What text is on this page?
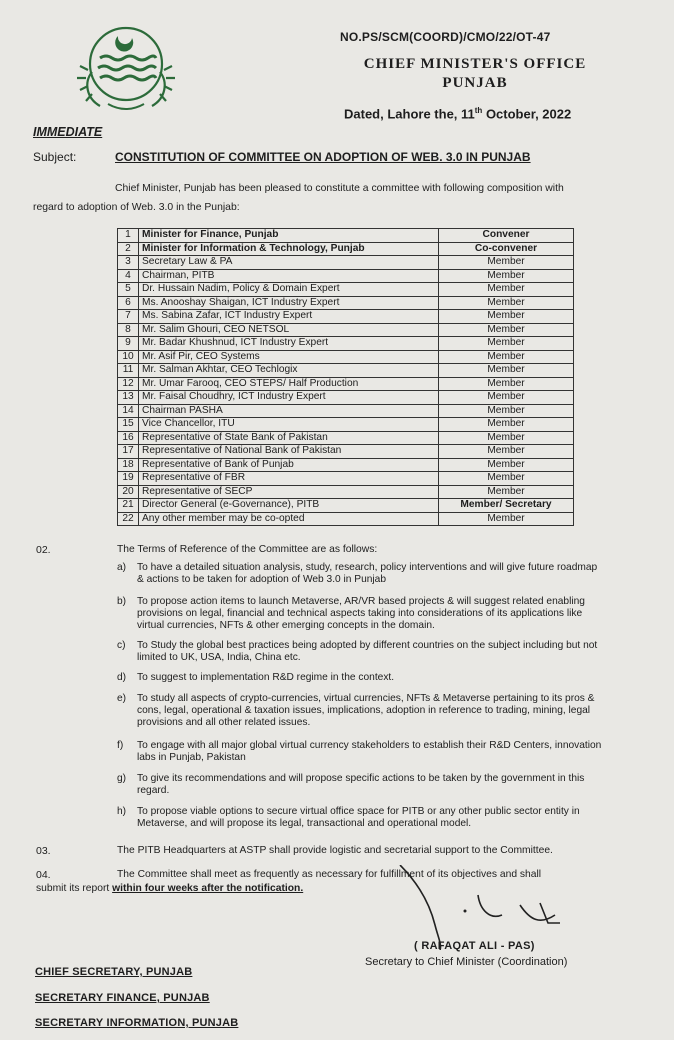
NO.PS/SCM(COORD)/CMO/22/OT-47
CHIEF MINISTER'S OFFICE
PUNJAB
Dated, Lahore the, 11th October, 2022
IMMEDIATE
Subject:	CONSTITUTION OF COMMITTEE ON ADOPTION OF WEB. 3.0 IN PUNJAB
Chief Minister, Punjab has been pleased to constitute a committee with following composition with regard to adoption of Web. 3.0 in the Punjab:
1	Minister for Finance, Punjab	Convener
2	Minister for Information & Technology, Punjab	Co-convener
3	Secretary Law & PA	Member
4	Chairman, PITB	Member
5	Dr. Hussain Nadim, Policy & Domain Expert	Member
6	Ms. Anooshay Shaigan, ICT Industry Expert	Member
7	Ms. Sabina Zafar, ICT Industry Expert	Member
8	Mr. Salim Ghouri, CEO NETSOL	Member
9	Mr. Badar Khushnud, ICT Industry Expert	Member
10	Mr. Asif Pir, CEO Systems	Member
11	Mr. Salman Akhtar, CEO Techlogix	Member
12	Mr. Umar Farooq, CEO STEPS/ Half Production	Member
13	Mr. Faisal Choudhry, ICT Industry Expert	Member
14	Chairman PASHA	Member
15	Vice Chancellor, ITU	Member
16	Representative of State Bank of Pakistan	Member
17	Representative of National Bank of Pakistan	Member
18	Representative of Bank of Punjab	Member
19	Representative of FBR	Member
20	Representative of SECP	Member
21	Director General (e-Governance), PITB	Member/ Secretary
22	Any other member may be co-opted	Member
02.	The Terms of Reference of the Committee are as follows:
a)	To have a detailed situation analysis, study, research, policy interventions and will give future roadmap & actions to be taken for adoption of Web 3.0 in Punjab
b)	To propose action items to launch Metaverse, AR/VR based projects & will suggest related enabling provisions on legal, financial and technical aspects taking into considerations of its applications like virtual currencies, NFTs & other emerging concepts in the domain.
c)	To Study the global best practices being adopted by different countries on the subject including but not limited to UK, USA, India, China etc.
d)	To suggest to implementation R&D regime in the context.
e)	To study all aspects of crypto-currencies, virtual currencies, NFTs & Metaverse pertaining to its pros & cons, legal, operational & taxation issues, implications, adoption in reference to trading, mining, legal provisions and all other related issues.
f)	To engage with all major global virtual currency stakeholders to establish their R&D Centers, innovation labs in Punjab, Pakistan
g)	To give its recommendations and will propose specific actions to be taken by the government in this regard.
h)	To propose viable options to secure virtual office space for PITB or any other public sector entity in Metaverse, and will propose its legal, transactional and operational model.
03.	The PITB Headquarters at ASTP shall provide logistic and secretarial support to the Committee.
04.	The Committee shall meet as frequently as necessary for fulfillment of its objectives and shall
submit its report within four weeks after the notification.
( RAFAQAT ALI - PAS)
Secretary to Chief Minister (Coordination)
CHIEF SECRETARY, PUNJAB
SECRETARY FINANCE, PUNJAB
SECRETARY INFORMATION, PUNJAB
